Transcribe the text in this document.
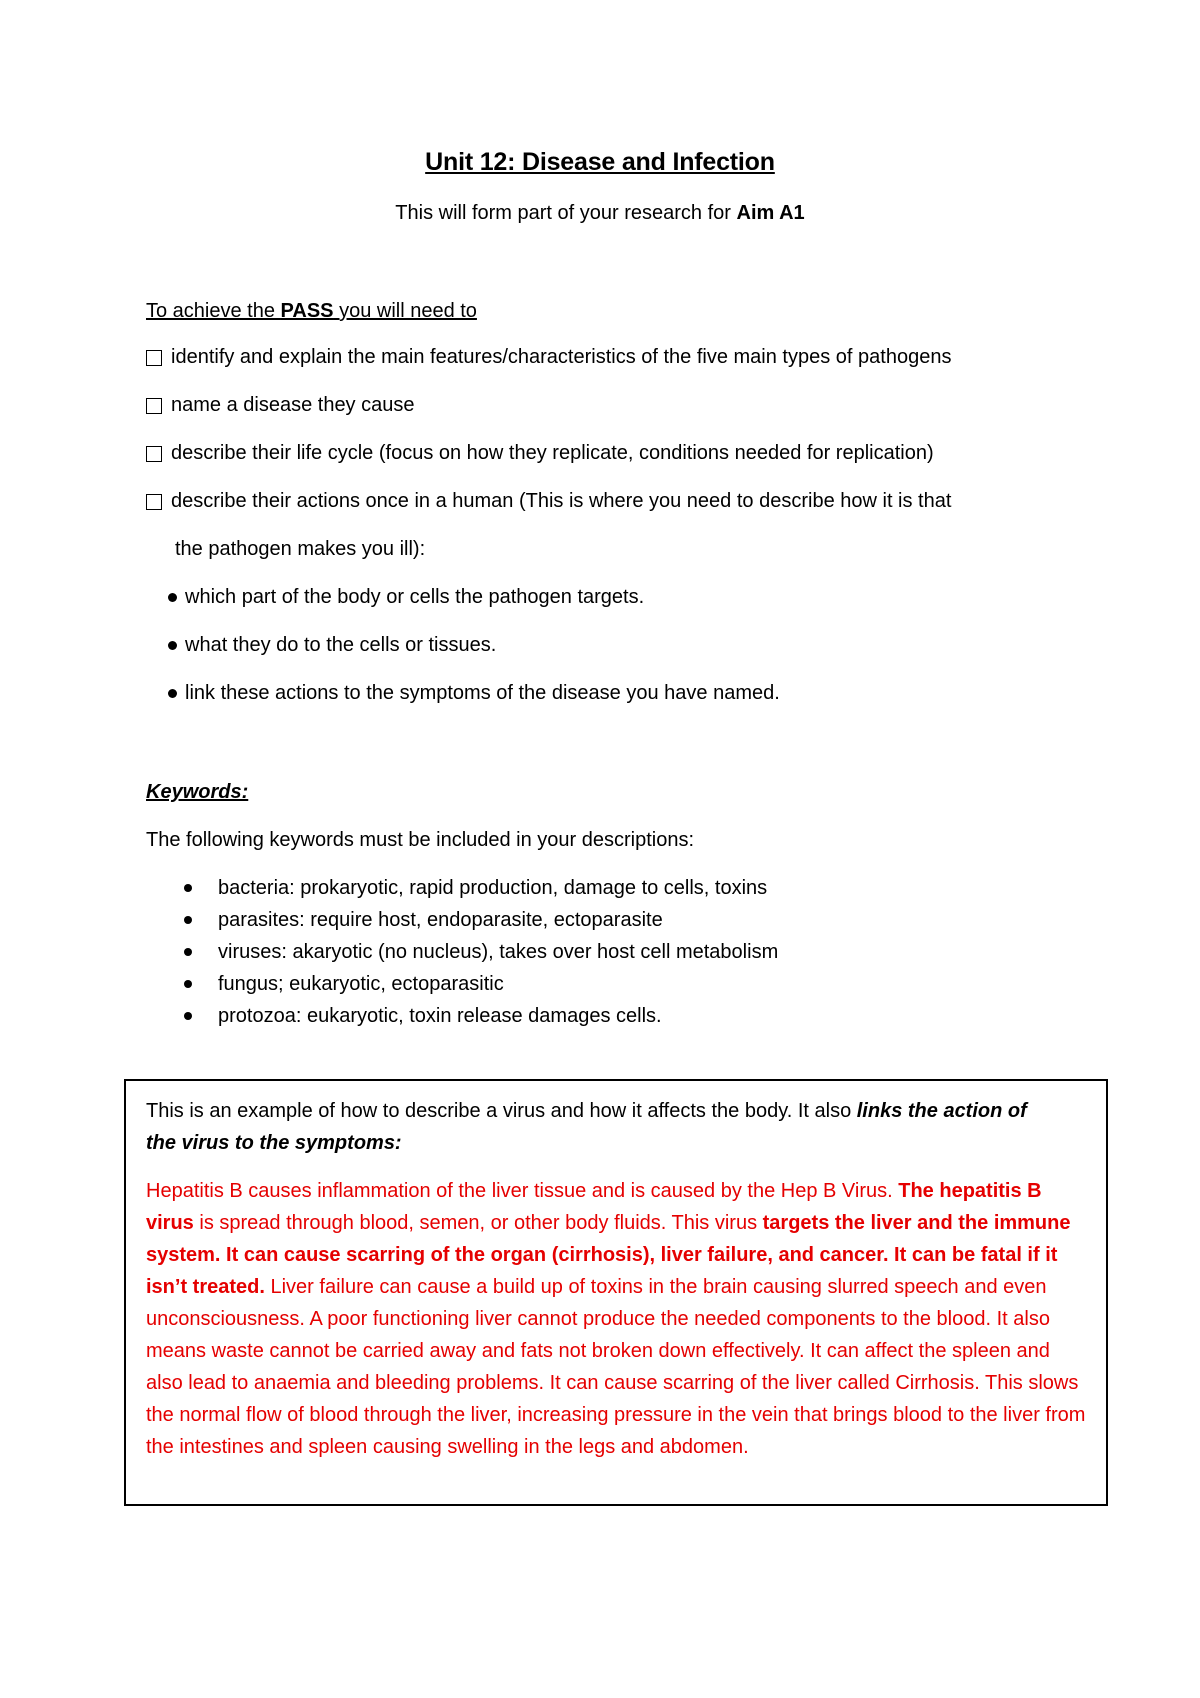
Unit 12: Disease and Infection
This will form part of your research for Aim A1
To achieve the PASS you will need to
identify and explain the main features/characteristics of the five main types of pathogens
name a disease they cause
describe their life cycle (focus on how they replicate, conditions needed for replication)
describe their actions once in a human (This is where you need to describe how it is that
the pathogen makes you ill):
which part of the body or cells the pathogen targets.
what they do to the cells or tissues.
link these actions to the symptoms of the disease you have named.
Keywords:
The following keywords must be included in your descriptions:
bacteria: prokaryotic, rapid production, damage to cells, toxins
parasites: require host, endoparasite, ectoparasite
viruses: akaryotic (no nucleus), takes over host cell metabolism
fungus; eukaryotic, ectoparasitic
protozoa: eukaryotic, toxin release damages cells.
This is an example of how to describe a virus and how it affects the body. It also links the action of the virus to the symptoms:
Hepatitis B causes inflammation of the liver tissue and is caused by the Hep B Virus. The hepatitis B virus is spread through blood, semen, or other body fluids. This virus targets the liver and the immune system. It can cause scarring of the organ (cirrhosis), liver failure, and cancer. It can be fatal if it isn’t treated. Liver failure can cause a build up of toxins in the brain causing slurred speech and even unconsciousness. A poor functioning liver cannot produce the needed components to the blood. It also means waste cannot be carried away and fats not broken down effectively. It can affect the spleen and also lead to anaemia and bleeding problems. It can cause scarring of the liver called Cirrhosis. This slows the normal flow of blood through the liver, increasing pressure in the vein that brings blood to the liver from the intestines and spleen causing swelling in the legs and abdomen.
